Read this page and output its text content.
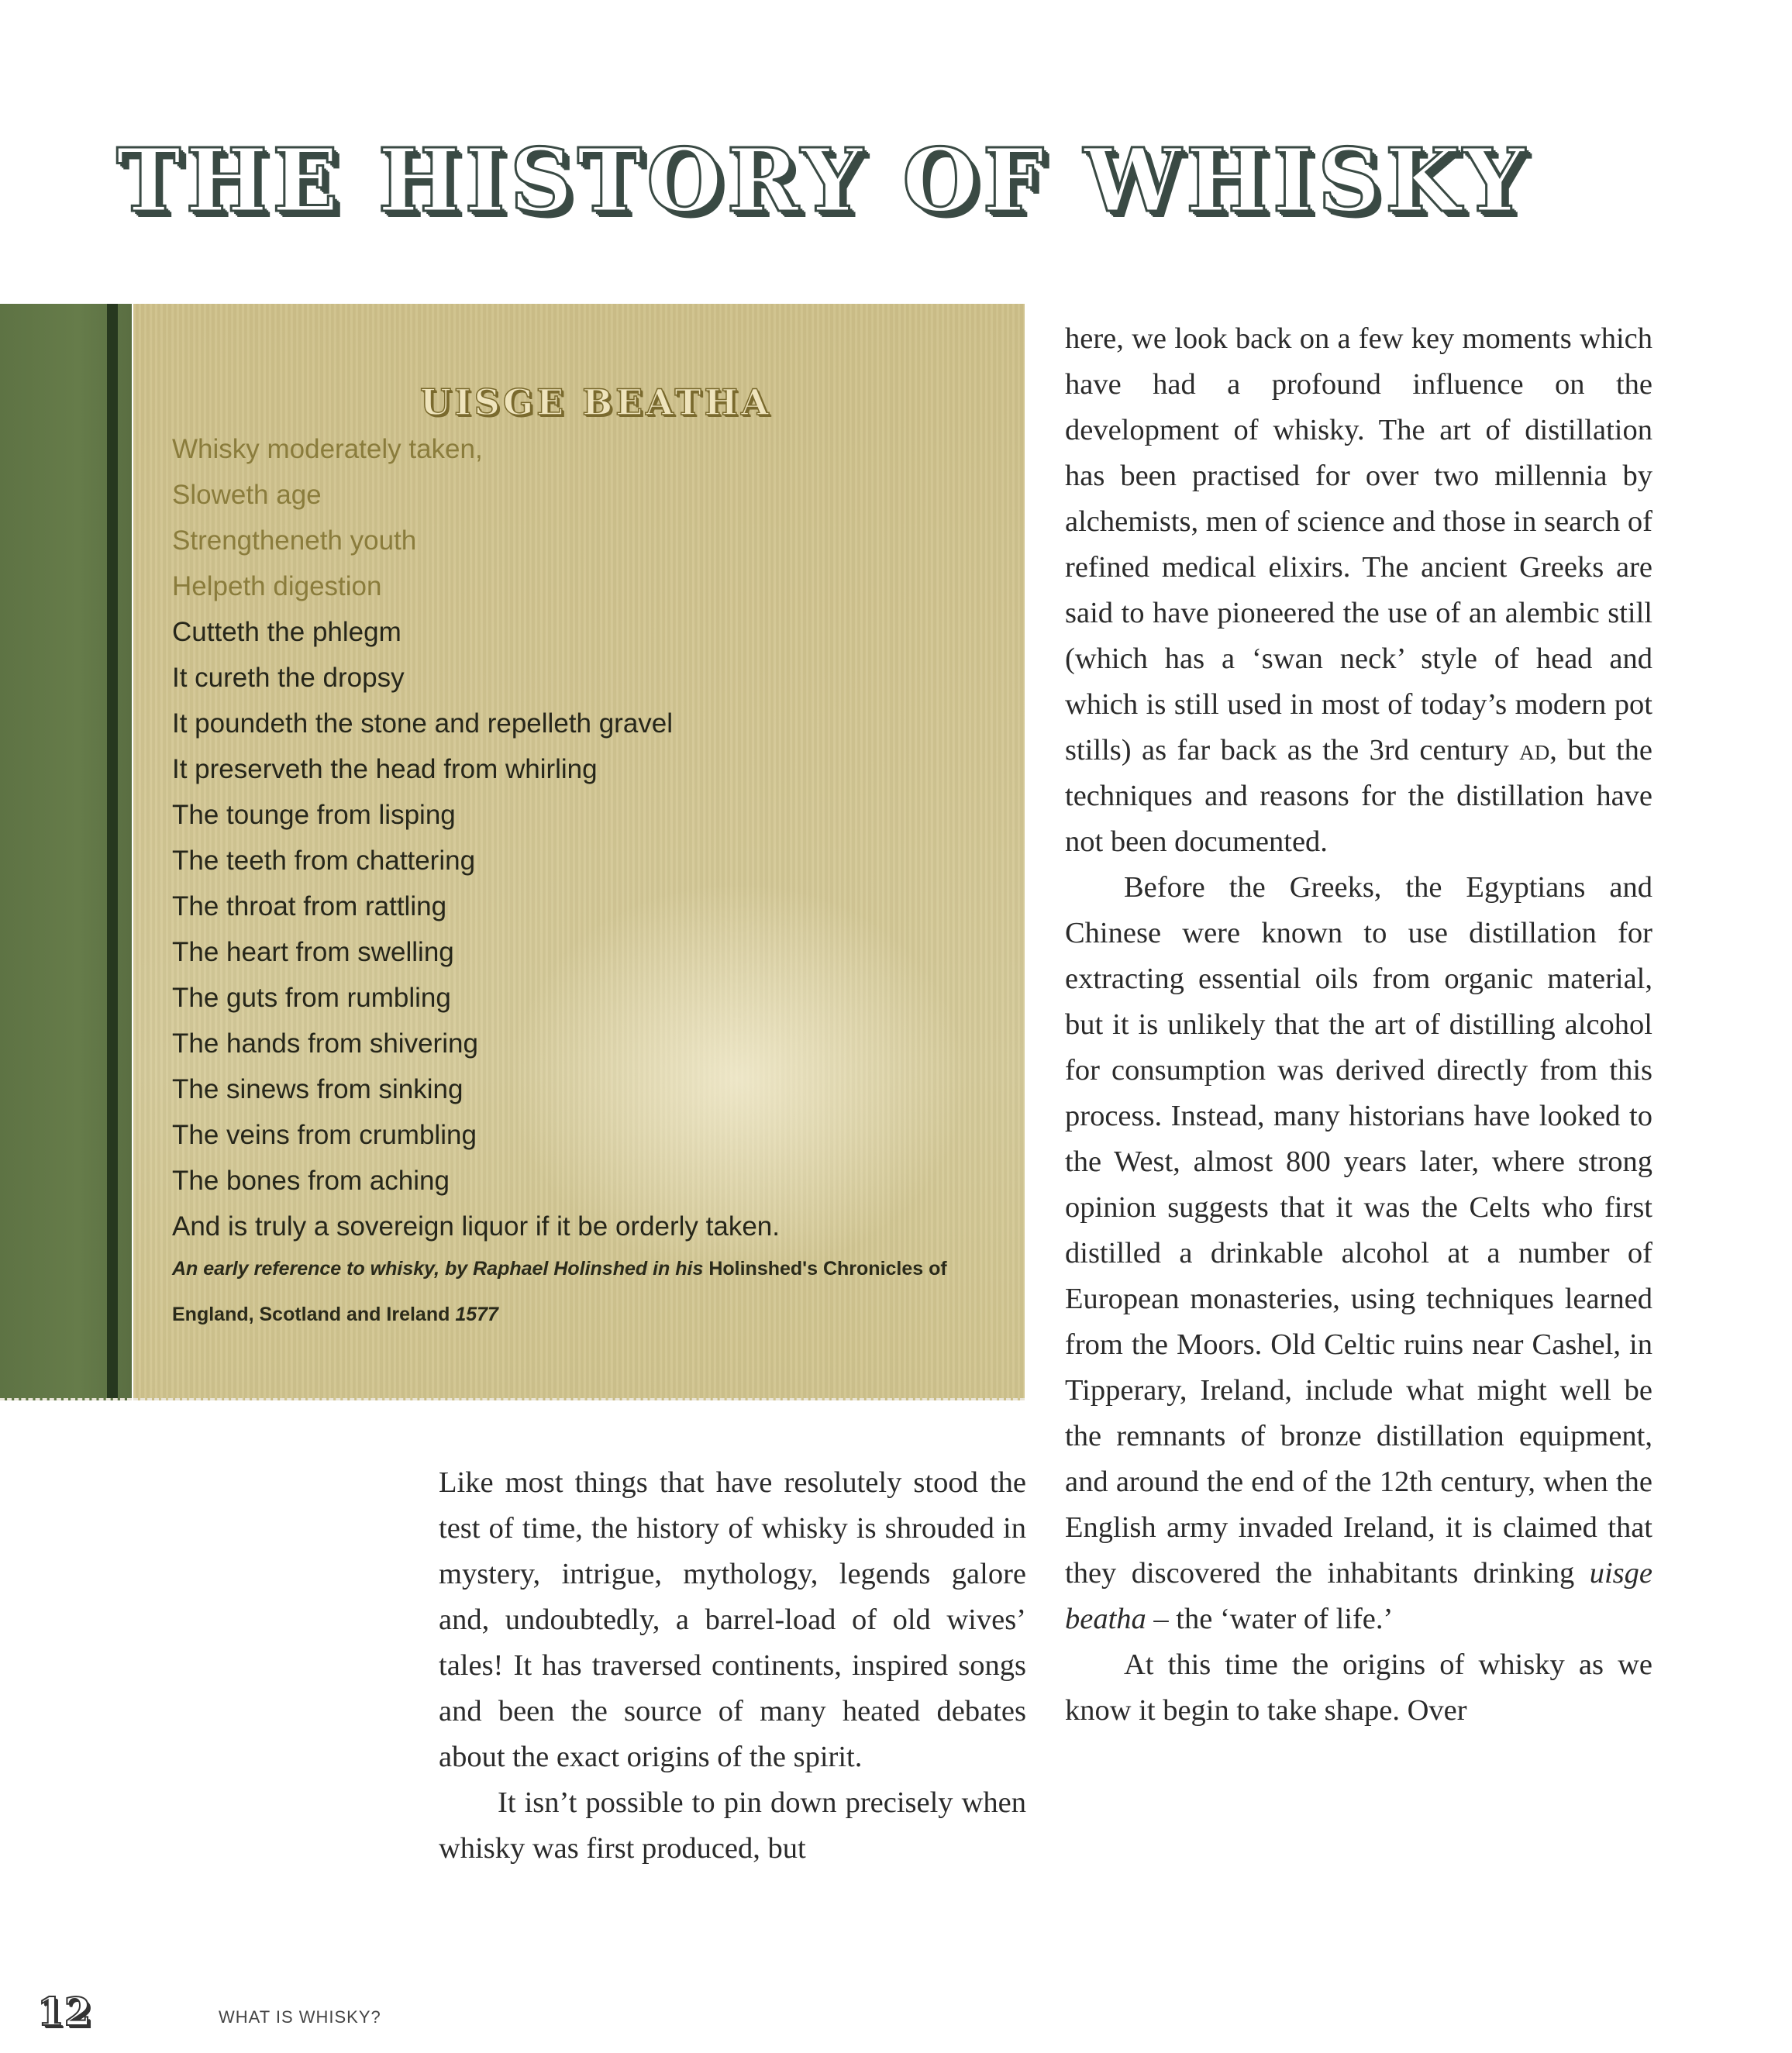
THE HISTORY OF WHISKY
UISGE BEATHA
Whisky moderately taken,
Sloweth age
Strengtheneth youth
Helpeth digestion
Cutteth the phlegm
It cureth the dropsy
It poundeth the stone and repelleth gravel
It preserveth the head from whirling
The tounge from lisping
The teeth from chattering
The throat from rattling
The heart from swelling
The guts from rumbling
The hands from shivering
The sinews from sinking
The veins from crumbling
The bones from aching
And is truly a sovereign liquor if it be orderly taken.
An early reference to whisky, by Raphael Holinshed in his Holinshed's Chronicles of England, Scotland and Ireland 1577

Like most things that have resolutely stood the test of time, the history of whisky is shrouded in mystery, intrigue, mythology, legends galore and, undoubtedly, a barrel-load of old wives’ tales! It has traversed continents, inspired songs and been the source of many heated debates about the exact origins of the spirit.

It isn’t possible to pin down precisely when whisky was first produced, but

here, we look back on a few key moments which have had a profound influence on the development of whisky. The art of distillation has been practised for over two millennia by alchemists, men of science and those in search of refined medical elixirs. The ancient Greeks are said to have pioneered the use of an alembic still (which has a ‘swan neck’ style of head and which is still used in most of today’s modern pot stills) as far back as the 3rd century ad, but the techniques and reasons for the distillation have not been documented.

Before the Greeks, the Egyptians and Chinese were known to use distillation for extracting essential oils from organic material, but it is unlikely that the art of distilling alcohol for consumption was derived directly from this process. Instead, many historians have looked to the West, almost 800 years later, where strong opinion suggests that it was the Celts who first distilled a drinkable alcohol at a number of European monasteries, using techniques learned from the Moors. Old Celtic ruins near Cashel, in Tipperary, Ireland, include what might well be the remnants of bronze distillation equipment, and around the end of the 12th century, when the English army invaded Ireland, it is claimed that they discovered the inhabitants drinking uisge beatha – the ‘water of life.’

At this time the origins of whisky as we know it begin to take shape. Over

12	WHAT IS WHISKY?
